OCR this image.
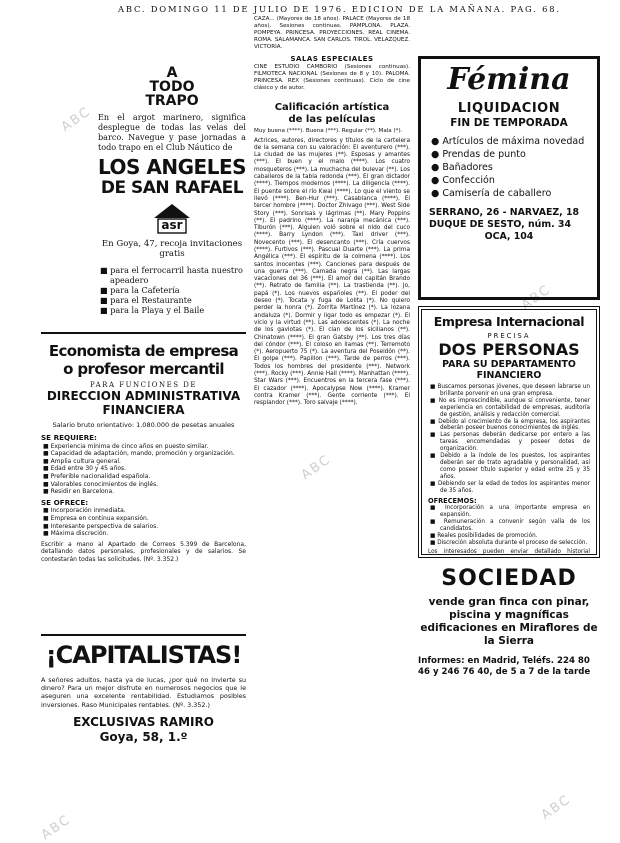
ABC. DOMINGO 11 DE JULIO DE 1976. EDICION DE LA MAÑANA. PAG. 68.
ABC
ABC
ABC
ABC
ABC
A
TODO TRAPO
En el argot marinero, significa desplegue de todas las velas del barco. Navegue y pase jornadas a todo trapo en el Club Náutico de
LOS ANGELES
DE SAN RAFAEL
asr
En Goya, 47, recoja invitaciones gratis
■ para el ferrocarril hasta nuestro apeadero
■ para la Cafetería
■ para el Restaurante
■ para la Playa y el Baile
Economista de empresa
o profesor mercantil
PARA FUNCIONES DE
DIRECCION ADMINISTRATIVA
FINANCIERA
Salario bruto orientativo: 1.080.000 de pesetas anuales
SE REQUIERE:
■ Experiencia mínima de cinco años en puesto similar.
■ Capacidad de adaptación, mando, promoción y organización.
■ Amplia cultura general.
■ Edad entre 30 y 45 años.
■ Preferible nacionalidad española.
■ Valorables conocimientos de inglés.
■ Residir en Barcelona.
SE OFRECE:
■ Incorporación inmediata.
■ Empresa en continua expansión.
■ Interesante perspectiva de salarios.
■ Máxima discreción.
Escribir a mano al Apartado de Correos 5.399 de Barcelona, detallando datos personales, profesionales y de salarios. Se contestarán todas las solicitudes. (Nº. 3.352.)
¡CAPITALISTAS!
A señores adultos, hasta ya de lucas, ¿por qué no invierte su dinero? Para un mejor disfrute en numerosos negocios que le aseguren una excelente rentabilidad. Estudiamos posibles inversiones. Raso Municipales rentables. (Nº. 3.352.)
EXCLUSIVAS RAMIRO
Goya, 58, 1.º
CAZA... (Mayores de 18 años). PALACE (Mayores de 18 años). Sesiones continuas. PAMPLONA. PLAZA. POMPEYA. PRINCESA. PROYECCIONES. REAL CINEMA. ROMA. SALAMANCA. SAN CARLOS. TIROL. VELAZQUEZ. VICTORIA.
SALAS ESPECIALES
CINE ESTUDIO CAMBORIO (Sesiones continuas). FILMOTECA NACIONAL (Sesiones de 8 y 10). PALOMA. PRINCESA. REX (Sesiones continuas). Ciclo de cine clásico y de autor.
Calificación artística
de las películas
Muy buena (****). Buena (***). Regular (**). Mala (*).
Actrices, autores, directores y títulos de la cartelera de la semana con su valoración: El aventurero (***). La ciudad de las mujeres (**). Esposas y amantes (***). El buen y el malo (****). Los cuatro mosqueteros (***). La muchacha del bulevar (**). Los caballeros de la tabla redonda (***). El gran dictador (****). Tiempos modernos (****). La diligencia (****). El puente sobre el río Kwai (****). Lo que el viento se llevó (****). Ben-Hur (***). Casablanca (****). El tercer hombre (****). Doctor Zhivago (***). West Side Story (***). Sonrisas y lágrimas (**). Mary Poppins (**). El padrino (****). La naranja mecánica (***). Tiburón (***). Alguien voló sobre el nido del cuco (****). Barry Lyndon (***). Taxi driver (***). Novecento (***). El desencanto (***). Cría cuervos (****). Furtivos (***). Pascual Duarte (***). La prima Angélica (***). El espíritu de la colmena (****). Los santos inocentes (***). Canciones para después de una guerra (***). Camada negra (**). Las largas vacaciones del 36 (***). El amor del capitán Brando (**). Retrato de familia (**). La trastienda (**). Jo, papá (*). Los nuevos españoles (**). El poder del deseo (*). Tocata y fuga de Lolita (*). No quiero perder la honra (*). Zorrita Martínez (*). La lozana andaluza (*). Dormir y ligar todo es empezar (*). El vicio y la virtud (**). Las adolescentes (*). La noche de los gaviotas (*). El clan de los sicilianos (**). Chinatown (****). El gran Gatsby (**). Los tres días del cóndor (***). El coloso en llamas (**). Terremoto (*). Aeropuerto 75 (*). La aventura del Poseidón (**). El golpe (***). Papillon (***). Tarde de perros (***). Todos los hombres del presidente (***). Network (***). Rocky (***). Annie Hall (****). Manhattan (****). Star Wars (***). Encuentros en la tercera fase (***). El cazador (****). Apocalypse Now (****). Kramer contra Kramer (***). Gente corriente (***). El resplandor (***). Toro salvaje (****).
Fémina
LIQUIDACION
FIN DE TEMPORADA
● Artículos de máxima novedad
● Prendas de punto
● Bañadores
● Confección
● Camisería de caballero
SERRANO, 26 - NARVAEZ, 18
DUQUE DE SESTO, núm. 34
OCA, 104
Empresa Internacional
PRECISA
DOS PERSONAS
PARA SU DEPARTAMENTO
FINANCIERO
■ Buscamos personas jóvenes, que deseen labrarse un brillante porvenir en una gran empresa.
■ No es imprescindible, aunque sí conveniente, tener experiencia en contabilidad de empresas, auditoría de gestión, análisis y redacción comercial.
■ Debido al crecimiento de la empresa, los aspirantes deberán poseer buenos conocimientos de inglés.
■ Las personas deberán dedicarse por entero a las tareas encomendadas y poseer dotes de organización.
■ Debido a la índole de los puestos, los aspirantes deberán ser de trato agradable y personalidad, así como poseer título superior y edad entre 25 y 35 años.
■ Debiendo ser la edad de todos los aspirantes menor de 35 años.
OFRECEMOS:
■ Incorporación a una importante empresa en expansión.
■ Remuneración a convenir según valía de los candidatos.
■ Reales posibilidades de promoción.
■ Discreción absoluta durante el proceso de selección.
Los interesados pueden enviar detallado historial
SOCIEDAD
vende gran finca con pinar, piscina y magníficas edificaciones en Miraflores de la Sierra
Informes: en Madrid, Teléfs. 224 80 46 y 246 76 40, de 5 a 7 de la tarde
